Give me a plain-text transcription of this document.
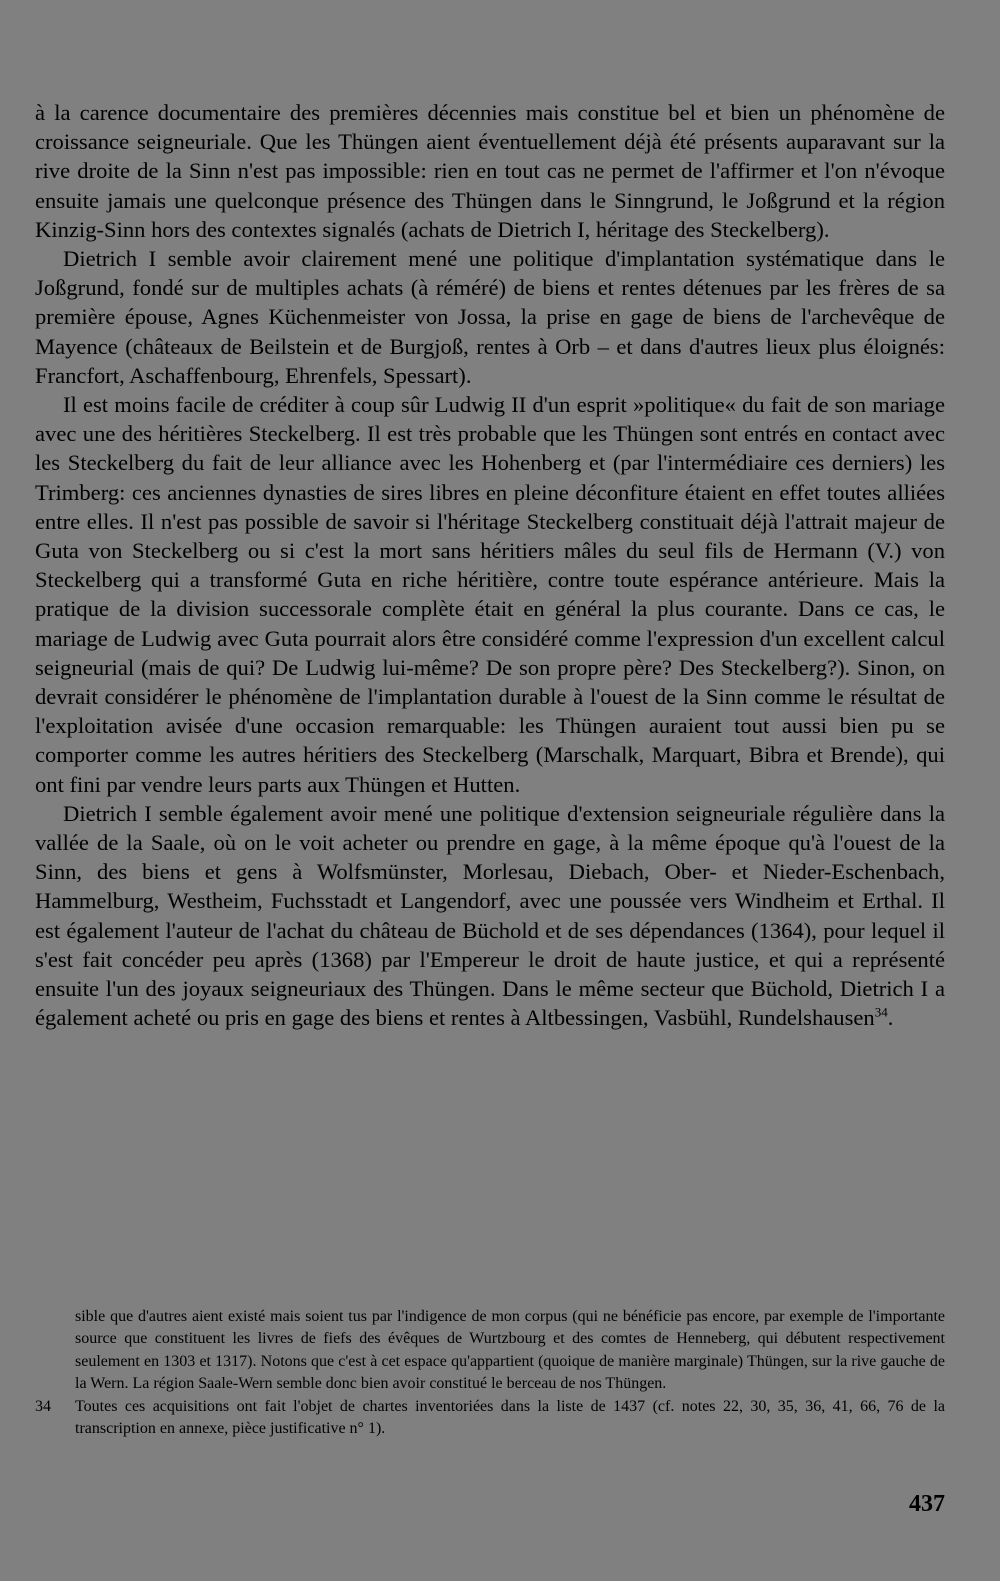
à la carence documentaire des premières décennies mais constitue bel et bien un phénomène de croissance seigneuriale. Que les Thüngen aient éventuellement déjà été présents auparavant sur la rive droite de la Sinn n'est pas impossible: rien en tout cas ne permet de l'affirmer et l'on n'évoque ensuite jamais une quelconque présence des Thüngen dans le Sinngrund, le Joßgrund et la région Kinzig-Sinn hors des contextes signalés (achats de Dietrich I, héritage des Steckelberg).

Dietrich I semble avoir clairement mené une politique d'implantation systématique dans le Joßgrund, fondé sur de multiples achats (à réméré) de biens et rentes détenues par les frères de sa première épouse, Agnes Küchenmeister von Jossa, la prise en gage de biens de l'archevêque de Mayence (châteaux de Beilstein et de Burgjoß, rentes à Orb – et dans d'autres lieux plus éloignés: Francfort, Aschaffenbourg, Ehrenfels, Spessart).

Il est moins facile de créditer à coup sûr Ludwig II d'un esprit »politique« du fait de son mariage avec une des héritières Steckelberg. Il est très probable que les Thüngen sont entrés en contact avec les Steckelberg du fait de leur alliance avec les Hohenberg et (par l'intermédiaire ces derniers) les Trimberg: ces anciennes dynasties de sires libres en pleine déconfiture étaient en effet toutes alliées entre elles. Il n'est pas possible de savoir si l'héritage Steckelberg constituait déjà l'attrait majeur de Guta von Steckelberg ou si c'est la mort sans héritiers mâles du seul fils de Hermann (V.) von Steckelberg qui a transformé Guta en riche héritière, contre toute espérance antérieure. Mais la pratique de la division successorale complète était en général la plus courante. Dans ce cas, le mariage de Ludwig avec Guta pourrait alors être considéré comme l'expression d'un excellent calcul seigneurial (mais de qui? De Ludwig lui-même? De son propre père? Des Steckelberg?). Sinon, on devrait considérer le phénomène de l'implantation durable à l'ouest de la Sinn comme le résultat de l'exploitation avisée d'une occasion remarquable: les Thüngen auraient tout aussi bien pu se comporter comme les autres héritiers des Steckelberg (Marschalk, Marquart, Bibra et Brende), qui ont fini par vendre leurs parts aux Thüngen et Hutten.

Dietrich I semble également avoir mené une politique d'extension seigneuriale régulière dans la vallée de la Saale, où on le voit acheter ou prendre en gage, à la même époque qu'à l'ouest de la Sinn, des biens et gens à Wolfsmünster, Morlesau, Diebach, Ober- et Nieder-Eschenbach, Hammelburg, Westheim, Fuchsstadt et Langendorf, avec une poussée vers Windheim et Erthal. Il est également l'auteur de l'achat du château de Büchold et de ses dépendances (1364), pour lequel il s'est fait concéder peu après (1368) par l'Empereur le droit de haute justice, et qui a représenté ensuite l'un des joyaux seigneuriaux des Thüngen. Dans le même secteur que Büchold, Dietrich I a également acheté ou pris en gage des biens et rentes à Altbessingen, Vasbühl, Rundelshausen$^{34}$.

sible que d'autres aient existé mais soient tus par l'indigence de mon corpus (qui ne bénéficie pas encore, par exemple de l'importante source que constituent les livres de fiefs des évêques de Wurtzbourg et des comtes de Henneberg, qui débutent respectivement seulement en 1303 et 1317). Notons que c'est à cet espace qu'appartient (quoique de manière marginale) Thüngen, sur la rive gauche de la Wern. La région Saale-Wern semble donc bien avoir constitué le berceau de nos Thüngen.

34	Toutes ces acquisitions ont fait l'objet de chartes inventoriées dans la liste de 1437 (cf. notes 22, 30, 35, 36, 41, 66, 76 de la transcription en annexe, pièce justificative n° 1).
437
